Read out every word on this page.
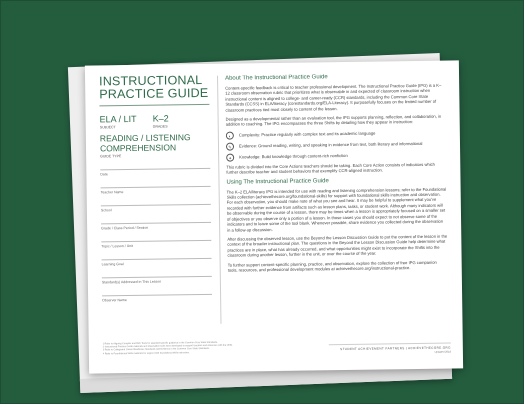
INSTRUCTIONAL
PRACTICE GUIDE
ELA / LIT
SUBJECT
K–2
GRADES
READING / LISTENING
COMPREHENSION
GUIDE TYPE
Date
Teacher Name
School
Grade / Class Period / Section
Topic / Lesson / Unit
Learning Goal
Standard(s) Addressed in This Lesson
Observer Name
About The Instructional Practice Guide
Content-specific feedback is critical to teacher professional development. The Instructional Practice Guide (IPG) is a K–12 classroom observation rubric that prioritizes what is observable in and expected of classroom instruction when instructional content is aligned to college- and career-ready (CCR) standards, including the Common Core State Standards (CCSS) in ELA/literacy (corestandards.org/ELA-Literacy). It purposefully focuses on the limited number of classroom practices tied most closely to content of the lesson.
Designed as a developmental rather than an evaluation tool, the IPG supports planning, reflection, and collaboration, in addition to coaching. The IPG encompasses the three Shifts by detailing how they appear in instruction:
◐	Complexity: Practice regularly with complex text and its academic language
✎	Evidence: Ground reading, writing, and speaking in evidence from text, both literary and informational
✦	Knowledge: Build knowledge through content-rich nonfiction
This rubric is divided into the Core Actions teachers should be taking. Each Core Action consists of indicators which further describe teacher and student behaviors that exemplify CCR-aligned instruction.
Using The Instructional Practice Guide
The K–2 ELA/literacy IPG is intended for use with reading and listening comprehension lessons; refer to the Foundational Skills collection (achievethecore.org/foundational-skills) for support with foundational skills instruction and observation. For each observation, you should make note of what you see and hear. It may be helpful to supplement what you've recorded with further evidence from artifacts such as lesson plans, tasks, or student work. Although many indicators will be observable during the course of a lesson, there may be times when a lesson is appropriately focused on a smaller set of objectives or you observe only a portion of a lesson. In those cases you should expect to not observe some of the indicators and to leave some of the tool blank. Whenever possible, share evidence you collected during the observation in a follow-up discussion.
After discussing the observed lesson, use the Beyond the Lesson Discussion Guide to put the content of the lesson in the context of the broader instructional plan. The questions in the Beyond the Lesson Discussion Guide help determine what practices are in place, what has already occurred, and what opportunities might exist to incorporate the Shifts into the classroom during another lesson, further in the unit, or over the course of the year.
To further support content-specific planning, practice, and observation, explore the collection of free IPG companion tools, resources, and professional development modules at achievethecore.org/instructional-practice.
1 Refer to Aligning Complex and Rich Texts for standard-specific guidance in the Common Core State Standards.
2 Instructional Practice Guide materials and observation tools were developed to support teachers and observers with the shifts.
3 Refer to Collegeand Career Readiness Standards and Evidence in the Common Core State Standards.
4 Refer to Foundational Skills materials for support with foundational skills instruction.
STUDENT ACHIEVEMENT PARTNERS | ACHIEVETHECORE.ORG
Updated 2018
